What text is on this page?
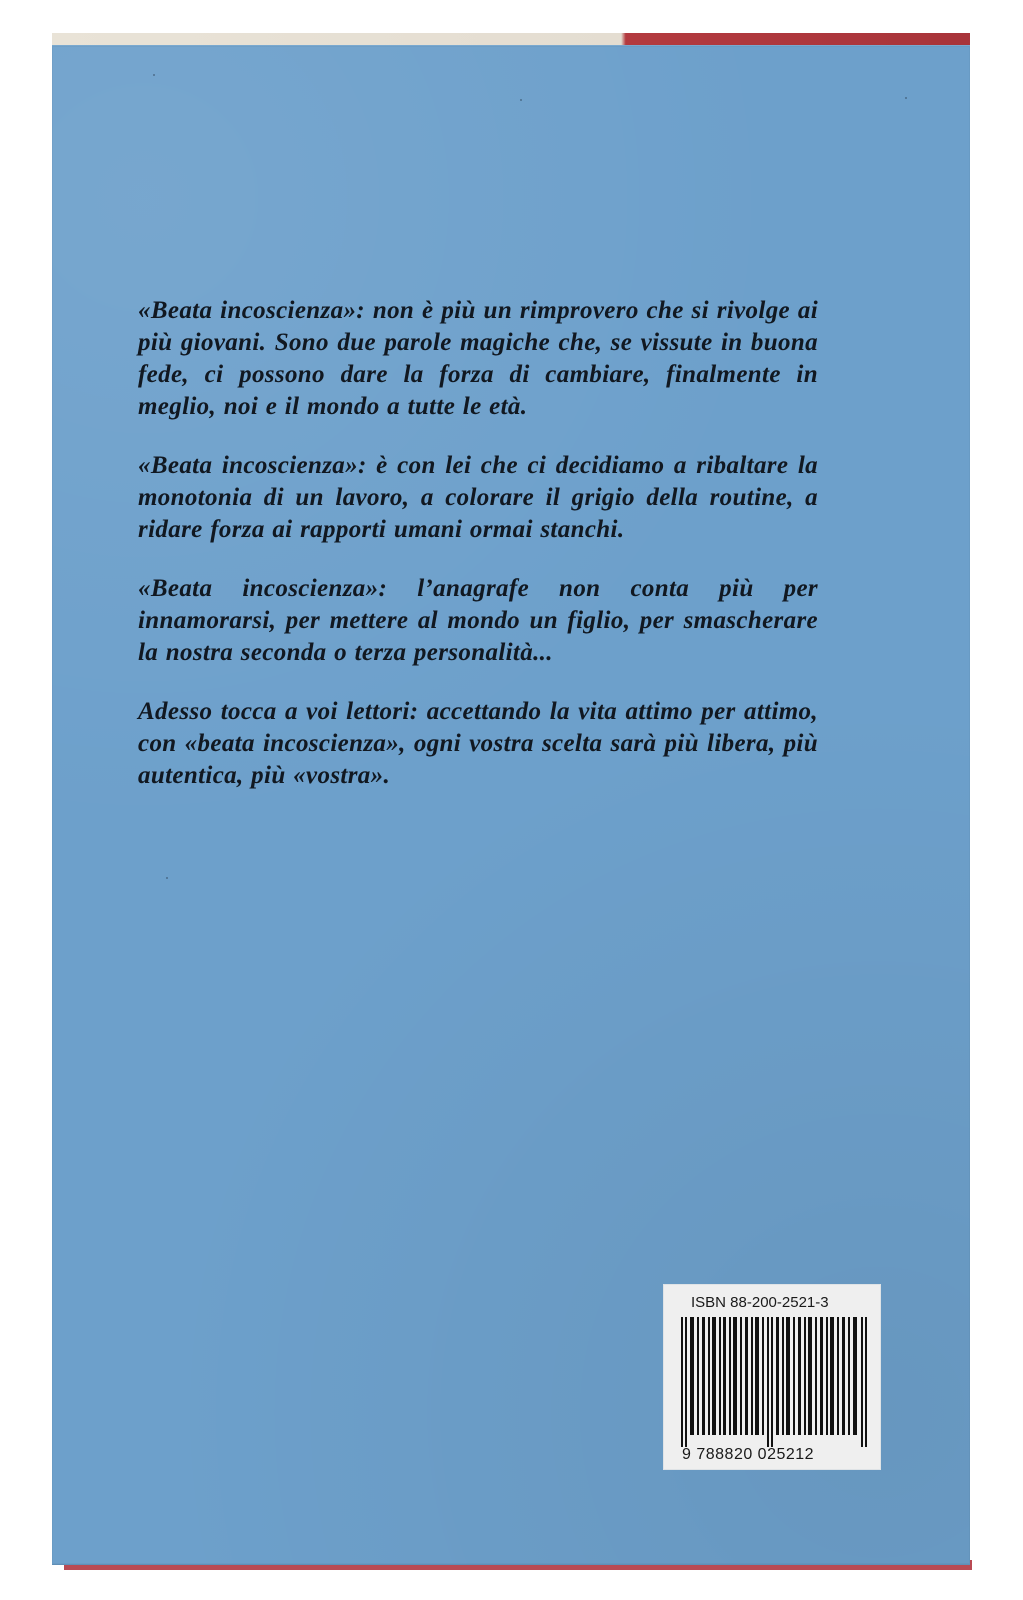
«Beata incoscienza»: non è più un rimprovero che si rivolge ai più giovani. Sono due parole magiche che, se vissute in buona fede, ci possono dare la forza di cambiare, finalmente in meglio, noi e il mondo a tutte le età.

«Beata incoscienza»: è con lei che ci decidiamo a ribaltare la monotonia di un lavoro, a colorare il grigio della routine, a ridare forza ai rapporti umani ormai stanchi.

«Beata incoscienza»: l’anagrafe non conta più per innamorarsi, per mettere al mondo un figlio, per smascherare la nostra seconda o terza personalità...

Adesso tocca a voi lettori: accettando la vita attimo per attimo, con «beata incoscienza», ogni vostra scelta sarà più libera, più autentica, più «vostra».

ISBN 88-200-2521-3
9 788820 025212
